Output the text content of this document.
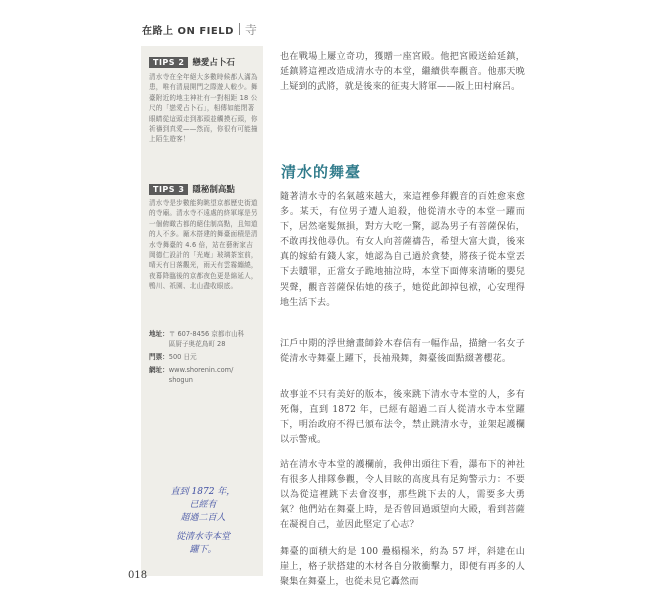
在路上 ON FIELD 寺
TIPS 2 戀愛占卜石

清水寺在全年絕大多數時候都人滿為患，唯有清晨開門之際遊人較少。舞臺附近的地主神社有一對相距 18 公尺的「戀愛占卜石」，相傳如能閉著眼睛從這頭走到那頭並觸摸石頭，你祈禱到真愛——然而，你很有可能撞上陌生遊客！

TIPS 3 隱秘制高點

清水寺是步數能夠眺望京都歷史街道的寺廟。清水寺不遠處的終軍塚是另一個俯瞰古都的絕佳制高點，且知道的人不多。厰木搭建的舞臺面積是清水寺舞臺的 4.6 倍，站在藝術家吉岡德仁設計的「光庵」玻璃茶室前，晴天有日落觀光，雨天有雲霧纏繞，夜幕降臨後的京都夜色更是綿延人，鴨川、祇園、北山盡收眼底。

地址： 〒 607-8456 京都市山科
區厨子奥花鳥町 28
門票： 500 日元
網址： www.shorenin.com/
shogun
直到 1872 年，
已經有
超過二百人
從清水寺本堂
躍下。

也在戰場上屢立奇功，獲贈一座宮殿。他把宮殿送給延鎮，延鎮將這裡改造成清水寺的本堂，繼續供奉觀音。他那天晚上疑到的武將，就是後來的征夷大將軍——阪上田村麻呂。

清水的舞臺

隨著清水寺的名氣越來越大，來這裡參拜觀音的百姓愈來愈多。某天，有位男子遭人追殺，他從清水寺的本堂一躍而下，居然毫髮無損，對方大吃一驚，認為男子有菩薩保佑，不敢再找他尋仇。有女人向菩薩禱告，希望大富大貴，後來真的嫁給有錢人家，她認為自己過於貪婪，將孩子從本堂丟下去贖罪，正當女子跪地抽泣時，本堂下面傳來清晰的嬰兒哭聲，觀音菩薩保佑她的孩子，她從此卸掉包袱，心安理得地生活下去。

江戶中期的浮世繪畫師鈴木春信有一幅作品，描繪一名女子從清水寺舞臺上躍下，長袖飛舞，舞臺後面點綴著櫻花。

故事並不只有美好的版本，後來跳下清水寺本堂的人，多有死傷，直到 1872 年，已經有超過二百人從清水寺本堂躍下，明治政府不得已頒布法令，禁止跳清水寺，並架起護欄以示警戒。

站在清水寺本堂的護欄前，我伸出頭往下看，瀑布下的神社有很多人排隊參觀，令人目眩的高度具有足夠警示力：不要以為從這裡跳下去會沒事，那些跳下去的人，需要多大勇氣？他們站在舞臺上時，是否曾回過頭望向大殿，看到菩薩在凝視自己，並因此堅定了心志？

舞臺的面積大約是 100 疊榻榻米，約為 57 坪，斜建在山崖上，格子狀搭建的木材各自分散衝擊力，即便有再多的人聚集在舞臺上，也從未見它轟然而

018
